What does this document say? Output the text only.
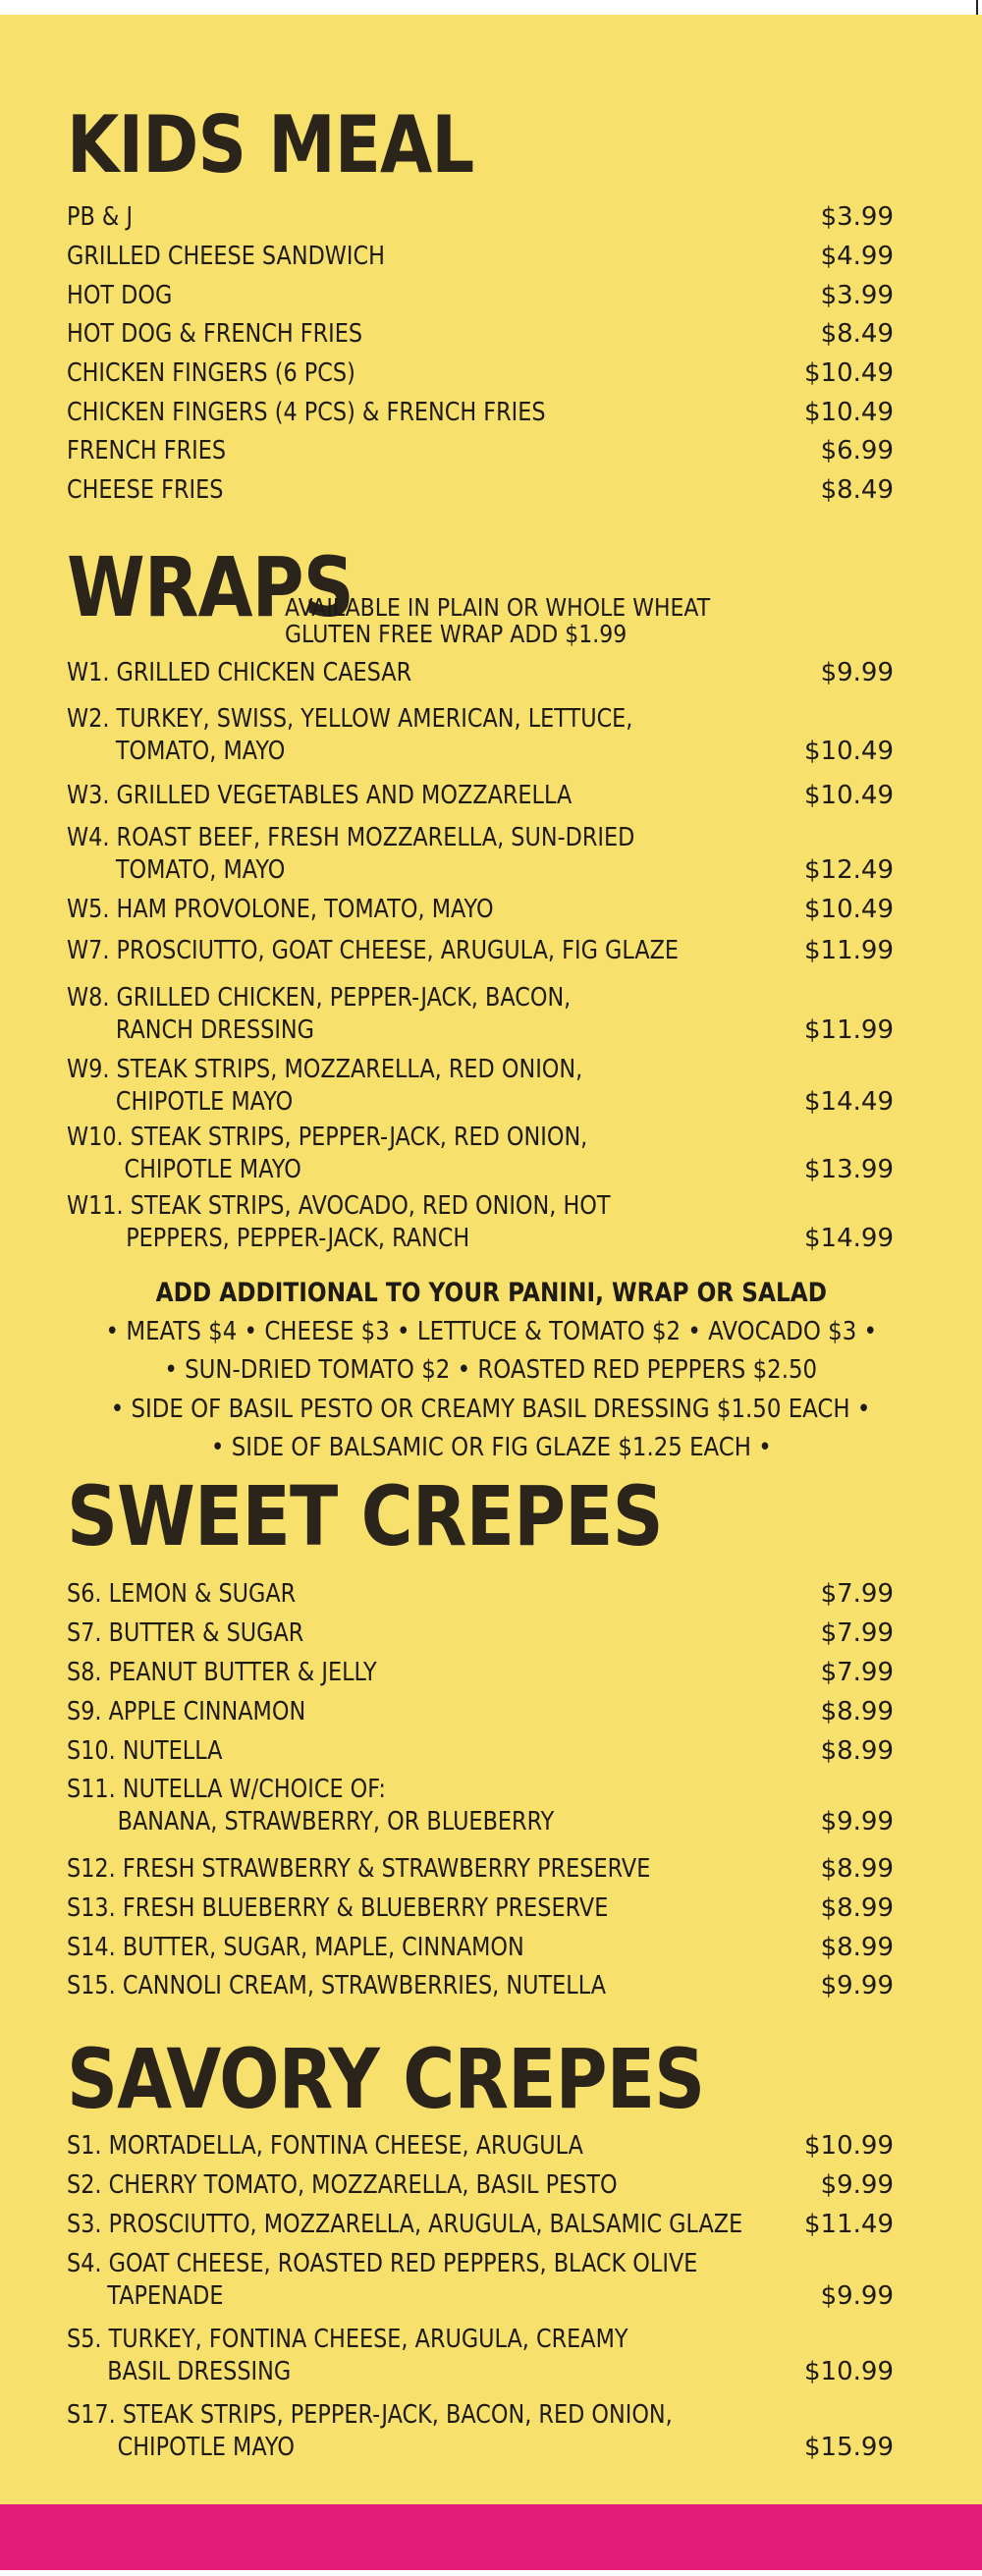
KIDS MEAL
PB & J	$3.99
GRILLED CHEESE SANDWICH	$4.99
HOT DOG	$3.99
HOT DOG & FRENCH FRIES	$8.49
CHICKEN FINGERS (6 PCS)	$10.49
CHICKEN FINGERS (4 PCS) & FRENCH FRIES	$10.49
FRENCH FRIES	$6.99
CHEESE FRIES	$8.49
WRAPS
AVAILABLE IN PLAIN OR WHOLE WHEAT
GLUTEN FREE WRAP ADD $1.99
W1. GRILLED CHICKEN CAESAR	$9.99
W2. TURKEY, SWISS, YELLOW AMERICAN, LETTUCE,
TOMATO, MAYO	$10.49
W3. GRILLED VEGETABLES AND MOZZARELLA	$10.49
W4. ROAST BEEF, FRESH MOZZARELLA, SUN-DRIED
TOMATO, MAYO	$12.49
W5. HAM PROVOLONE, TOMATO, MAYO	$10.49
W7. PROSCIUTTO, GOAT CHEESE, ARUGULA, FIG GLAZE	$11.99
W8. GRILLED CHICKEN, PEPPER-JACK, BACON,
RANCH DRESSING	$11.99
W9. STEAK STRIPS, MOZZARELLA, RED ONION,
CHIPOTLE MAYO	$14.49
W10. STEAK STRIPS, PEPPER-JACK, RED ONION,
CHIPOTLE MAYO	$13.99
W11. STEAK STRIPS, AVOCADO, RED ONION, HOT
PEPPERS, PEPPER-JACK, RANCH	$14.99
ADD ADDITIONAL TO YOUR PANINI, WRAP OR SALAD
• MEATS $4 • CHEESE $3 • LETTUCE & TOMATO $2 • AVOCADO $3 •
• SUN-DRIED TOMATO $2 • ROASTED RED PEPPERS $2.50
• SIDE OF BASIL PESTO OR CREAMY BASIL DRESSING $1.50 EACH •
• SIDE OF BALSAMIC OR FIG GLAZE $1.25 EACH •
SWEET CREPES
S6. LEMON & SUGAR	$7.99
S7. BUTTER & SUGAR	$7.99
S8. PEANUT BUTTER & JELLY	$7.99
S9. APPLE CINNAMON	$8.99
S10. NUTELLA	$8.99
S11. NUTELLA W/CHOICE OF:
BANANA, STRAWBERRY, OR BLUEBERRY	$9.99
S12. FRESH STRAWBERRY & STRAWBERRY PRESERVE	$8.99
S13. FRESH BLUEBERRY & BLUEBERRY PRESERVE	$8.99
S14. BUTTER, SUGAR, MAPLE, CINNAMON	$8.99
S15. CANNOLI CREAM, STRAWBERRIES, NUTELLA	$9.99
SAVORY CREPES
S1. MORTADELLA, FONTINA CHEESE, ARUGULA	$10.99
S2. CHERRY TOMATO, MOZZARELLA, BASIL PESTO	$9.99
S3. PROSCIUTTO, MOZZARELLA, ARUGULA, BALSAMIC GLAZE	$11.49
S4. GOAT CHEESE, ROASTED RED PEPPERS, BLACK OLIVE
TAPENADE	$9.99
S5. TURKEY, FONTINA CHEESE, ARUGULA, CREAMY
BASIL DRESSING	$10.99
S17. STEAK STRIPS, PEPPER-JACK, BACON, RED ONION,
CHIPOTLE MAYO	$15.99
